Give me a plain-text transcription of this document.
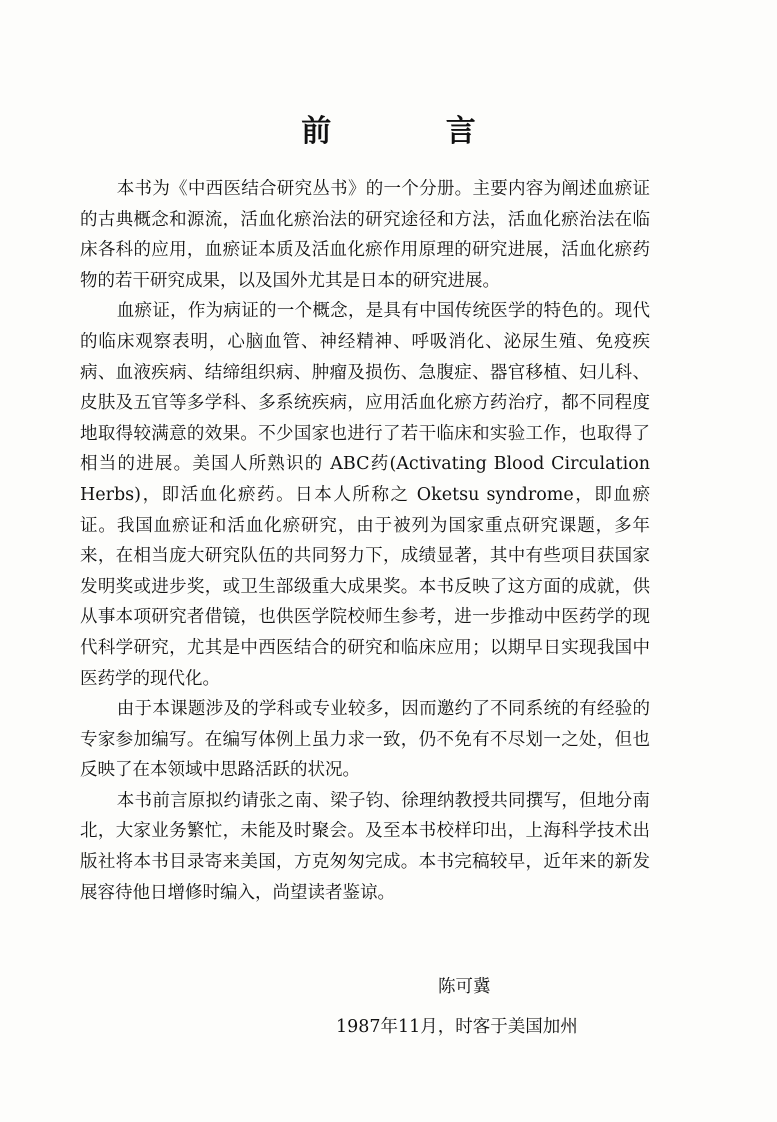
前 言

本书为《中西医结合研究丛书》的一个分册。主要内容为阐述血瘀证的古典概念和源流，活血化瘀治法的研究途径和方法，活血化瘀治法在临床各科的应用，血瘀证本质及活血化瘀作用原理的研究进展，活血化瘀药物的若干研究成果，以及国外尤其是日本的研究进展。

血瘀证，作为病证的一个概念，是具有中国传统医学的特色的。现代的临床观察表明，心脑血管、神经精神、呼吸消化、泌尿生殖、免疫疾病、血液疾病、结缔组织病、肿瘤及损伤、急腹症、器官移植、妇儿科、皮肤及五官等多学科、多系统疾病，应用活血化瘀方药治疗，都不同程度地取得较满意的效果。不少国家也进行了若干临床和实验工作，也取得了相当的进展。美国人所熟识的 ABC药(Activating Blood Circulation Herbs)，即活血化瘀药。日本人所称之 Oketsu syndrome，即血瘀证。我国血瘀证和活血化瘀研究，由于被列为国家重点研究课题，多年来，在相当庞大研究队伍的共同努力下，成绩显著，其中有些项目获国家发明奖或进步奖，或卫生部级重大成果奖。本书反映了这方面的成就，供从事本项研究者借镜，也供医学院校师生参考，进一步推动中医药学的现代科学研究，尤其是中西医结合的研究和临床应用；以期早日实现我国中医药学的现代化。

由于本课题涉及的学科或专业较多，因而邀约了不同系统的有经验的专家参加编写。在编写体例上虽力求一致，仍不免有不尽划一之处，但也反映了在本领域中思路活跃的状况。

本书前言原拟约请张之南、梁子钧、徐理纳教授共同撰写，但地分南北，大家业务繁忙，未能及时聚会。及至本书校样印出，上海科学技术出版社将本书目录寄来美国，方克匆匆完成。本书完稿较早，近年来的新发展容待他日增修时编入，尚望读者鉴谅。

陈可冀
1987年11月，时客于美国加州
